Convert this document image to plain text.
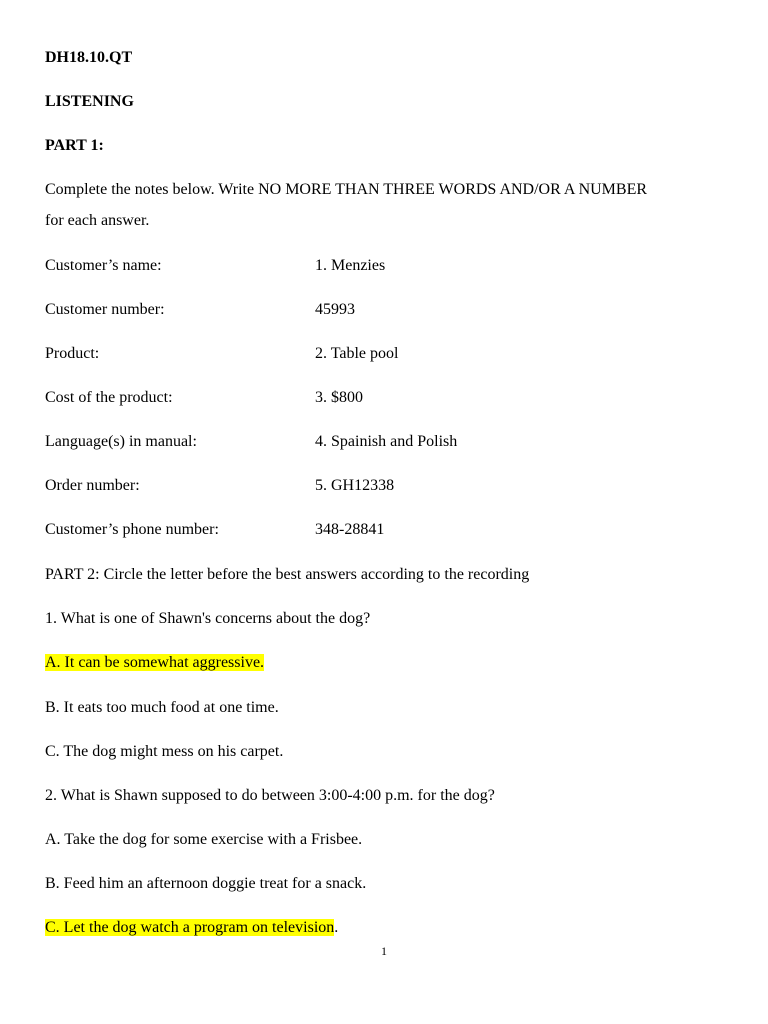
DH18.10.QT
LISTENING
PART 1:
Complete the notes below. Write NO MORE THAN THREE WORDS AND/OR A NUMBER
for each answer.
Customer’s name:	1. Menzies
Customer number:	45993
Product:	2. Table pool
Cost of the product:	3. $800
Language(s) in manual:	4. Spainish and Polish
Order number:	5. GH12338
Customer’s phone number:	348-28841
PART 2: Circle the letter before the best answers according to the recording
1. What is one of Shawn's concerns about the dog?
A. It can be somewhat aggressive.
B. It eats too much food at one time.
C. The dog might mess on his carpet.
2. What is Shawn supposed to do between 3:00-4:00 p.m. for the dog?
A. Take the dog for some exercise with a Frisbee.
B. Feed him an afternoon doggie treat for a snack.
C. Let the dog watch a program on television.
1
